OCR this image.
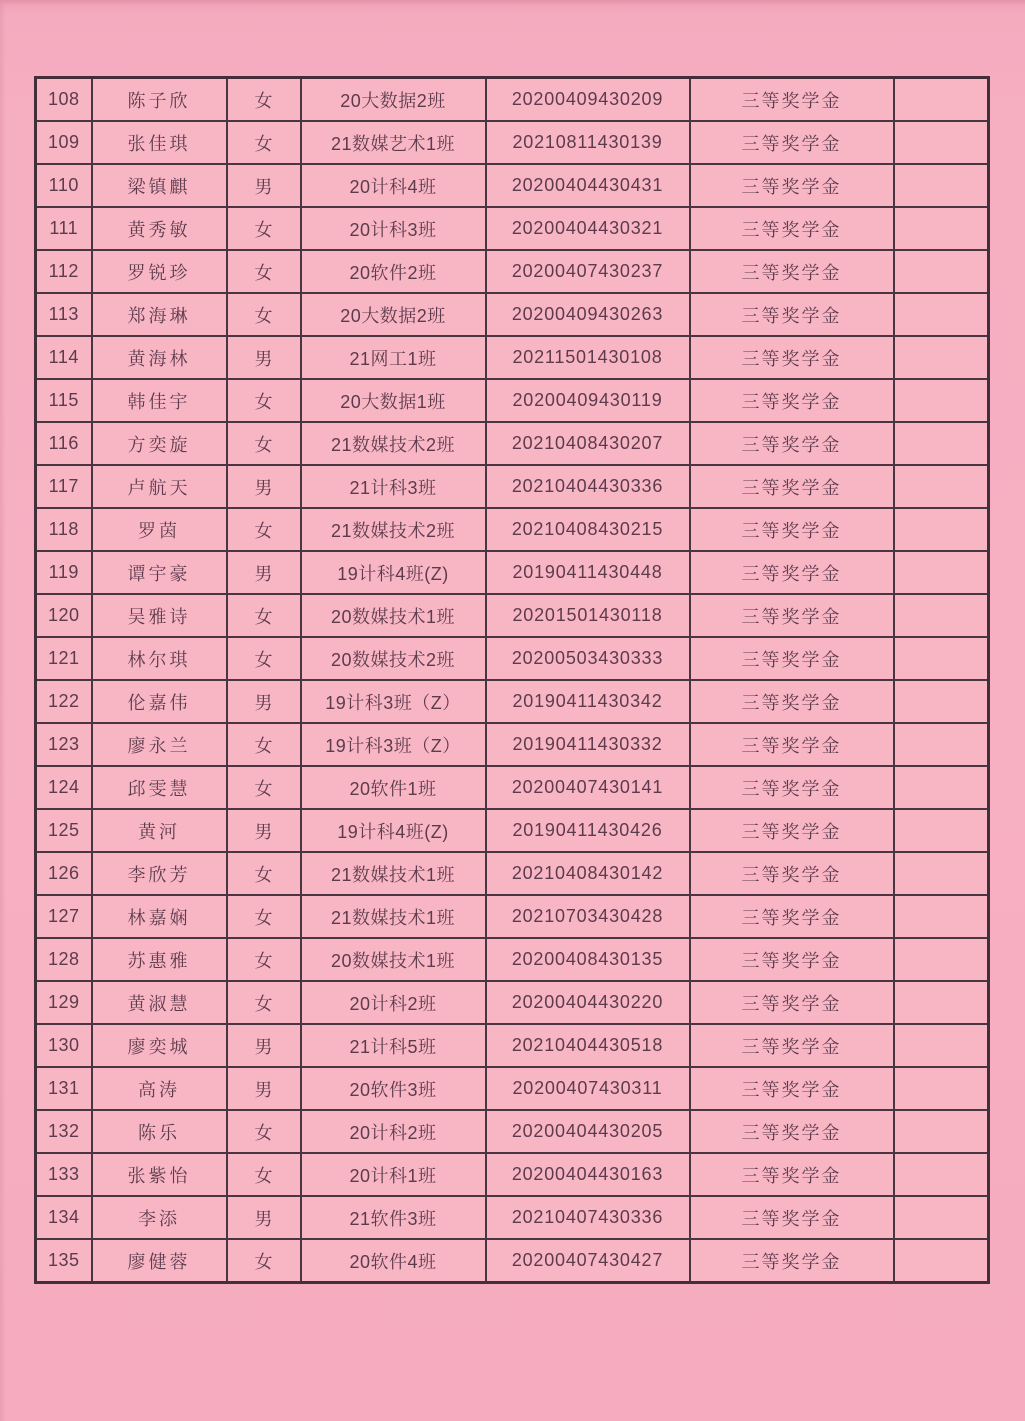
108	陈子欣	女	20大数据2班	20200409430209	三等奖学金	
109	张佳琪	女	21数媒艺术1班	20210811430139	三等奖学金	
110	梁镇麒	男	20计科4班	20200404430431	三等奖学金	
111	黄秀敏	女	20计科3班	20200404430321	三等奖学金	
112	罗锐珍	女	20软件2班	20200407430237	三等奖学金	
113	郑海琳	女	20大数据2班	20200409430263	三等奖学金	
114	黄海林	男	21网工1班	20211501430108	三等奖学金	
115	韩佳宇	女	20大数据1班	20200409430119	三等奖学金	
116	方奕旋	女	21数媒技术2班	20210408430207	三等奖学金	
117	卢航天	男	21计科3班	20210404430336	三等奖学金	
118	罗茵	女	21数媒技术2班	20210408430215	三等奖学金	
119	谭宇豪	男	19计科4班(Z)	20190411430448	三等奖学金	
120	吴雅诗	女	20数媒技术1班	20201501430118	三等奖学金	
121	林尔琪	女	20数媒技术2班	20200503430333	三等奖学金	
122	伦嘉伟	男	19计科3班（Z）	20190411430342	三等奖学金	
123	廖永兰	女	19计科3班（Z）	20190411430332	三等奖学金	
124	邱雯慧	女	20软件1班	20200407430141	三等奖学金	
125	黄河	男	19计科4班(Z)	20190411430426	三等奖学金	
126	李欣芳	女	21数媒技术1班	20210408430142	三等奖学金	
127	林嘉娴	女	21数媒技术1班	20210703430428	三等奖学金	
128	苏惠雅	女	20数媒技术1班	20200408430135	三等奖学金	
129	黄淑慧	女	20计科2班	20200404430220	三等奖学金	
130	廖奕城	男	21计科5班	20210404430518	三等奖学金	
131	高涛	男	20软件3班	20200407430311	三等奖学金	
132	陈乐	女	20计科2班	20200404430205	三等奖学金	
133	张紫怡	女	20计科1班	20200404430163	三等奖学金	
134	李添	男	21软件3班	20210407430336	三等奖学金	
135	廖健蓉	女	20软件4班	20200407430427	三等奖学金	
